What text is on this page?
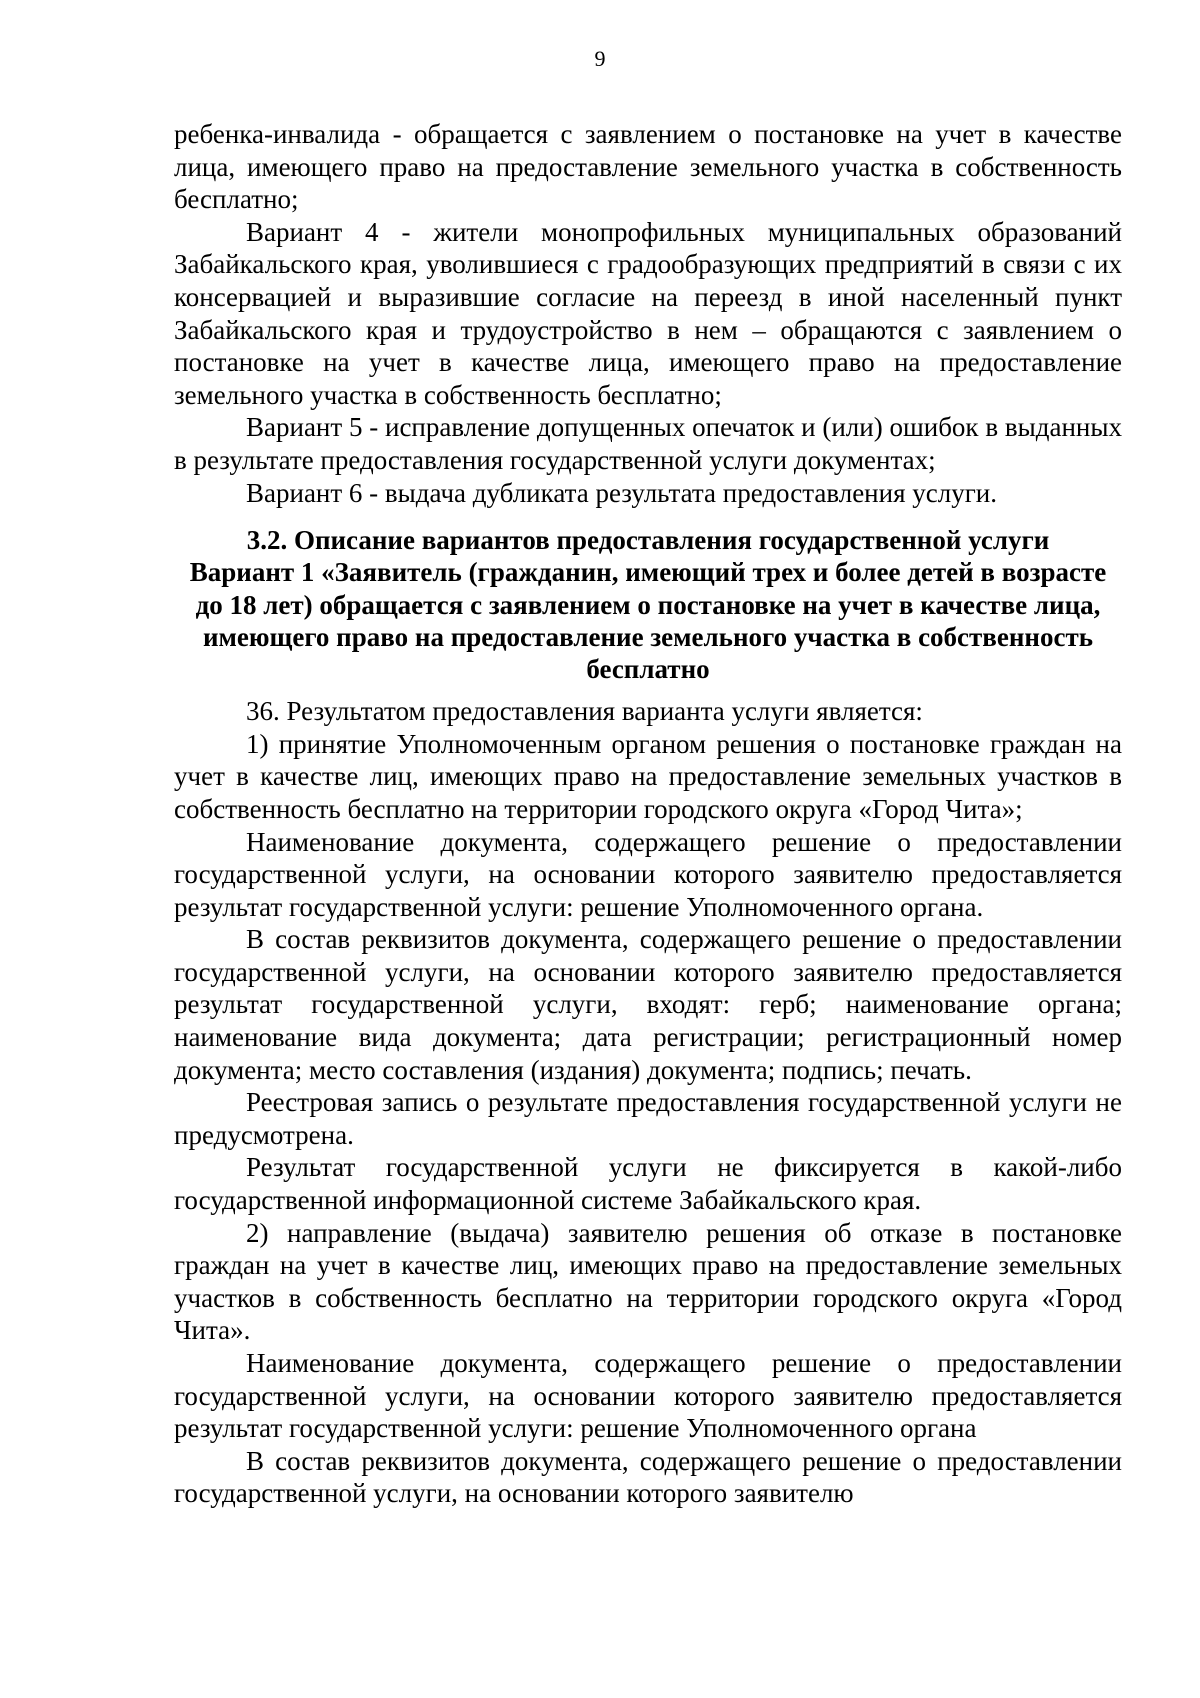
9

ребенка-инвалида - обращается с заявлением о постановке на учет в качестве лица, имеющего право на предоставление земельного участка в собственность бесплатно;

Вариант 4 - жители монопрофильных муниципальных образований Забайкальского края, уволившиеся с градообразующих предприятий в связи с их консервацией и выразившие согласие на переезд в иной населенный пункт Забайкальского края и трудоустройство в нем – обращаются с заявлением о постановке на учет в качестве лица, имеющего право на предоставление земельного участка в собственность бесплатно;

Вариант 5 - исправление допущенных опечаток и (или) ошибок в выданных в результате предоставления государственной услуги документах;

Вариант 6 - выдача дубликата результата предоставления услуги.

3.2. Описание вариантов предоставления государственной услуги
Вариант 1 «Заявитель (гражданин, имеющий трех и более детей в возрасте до 18 лет) обращается с заявлением о постановке на учет в качестве лица, имеющего право на предоставление земельного участка в собственность бесплатно

36. Результатом предоставления варианта услуги является:

1) принятие Уполномоченным органом решения о постановке граждан на учет в качестве лиц, имеющих право на предоставление земельных участков в собственность бесплатно на территории городского округа «Город Чита»;

Наименование документа, содержащего решение о предоставлении государственной услуги, на основании которого заявителю предоставляется результат государственной услуги: решение Уполномоченного органа.

В состав реквизитов документа, содержащего решение о предоставлении государственной услуги, на основании которого заявителю предоставляется результат государственной услуги, входят: герб; наименование органа; наименование вида документа; дата регистрации; регистрационный номер документа; место составления (издания) документа; подпись; печать.

Реестровая запись о результате предоставления государственной услуги не предусмотрена.

Результат государственной услуги не фиксируется в какой-либо государственной информационной системе Забайкальского края.

2) направление (выдача) заявителю решения об отказе в постановке граждан на учет в качестве лиц, имеющих право на предоставление земельных участков в собственность бесплатно на территории городского округа «Город Чита».

Наименование документа, содержащего решение о предоставлении государственной услуги, на основании которого заявителю предоставляется результат государственной услуги: решение Уполномоченного органа

В состав реквизитов документа, содержащего решение о предоставлении государственной услуги, на основании которого заявителю
